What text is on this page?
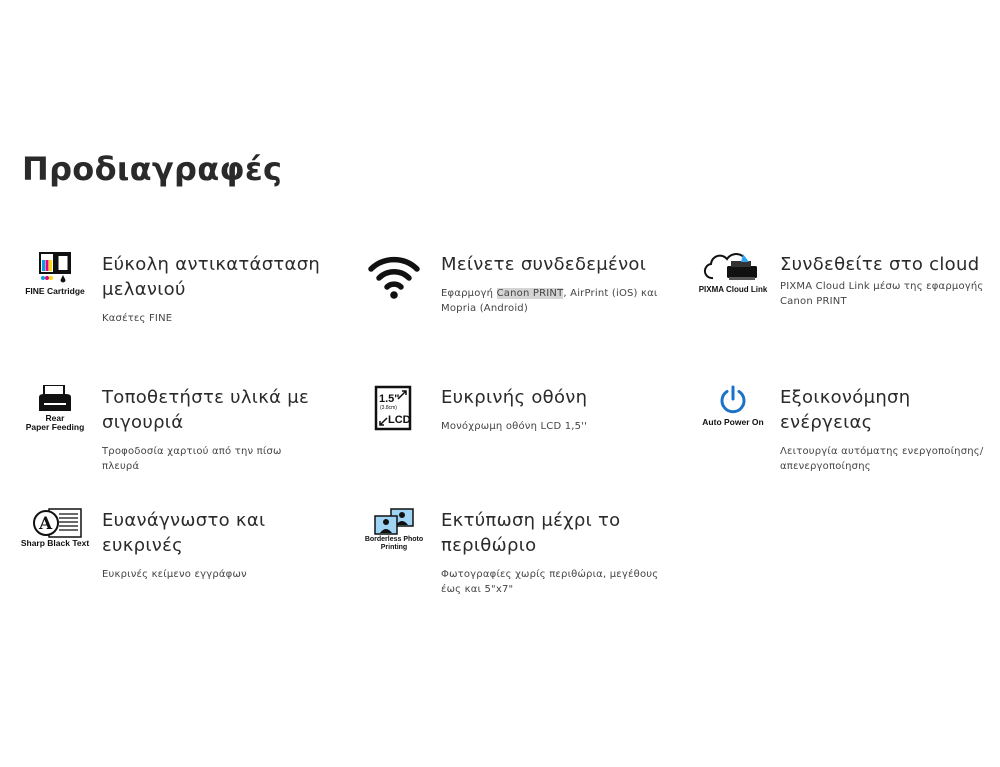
Προδιαγραφές
FINE Cartridge
Εύκολη αντικατάσταση μελανιού

Κασέτες FINE

Μείνετε συνδεδεμένοι

Εφαρμογή Canon PRINT, AirPrint (iOS) και Mopria (Android)

PIXMA Cloud Link
Συνδεθείτε στο cloud

PIXMA Cloud Link μέσω της εφαρμογής Canon PRINT

Rear
Paper Feeding
Τοποθετήστε υλικά με σιγουριά

Τροφοδοσία χαρτιού από την πίσω πλευρά

1.5"
(3.8cm)
LCD
Ευκρινής οθόνη

Μονόχρωμη οθόνη LCD 1,5''	Auto Power On
Εξοικονόμηση ενέργειας

Λειτουργία αυτόματης ενεργοποίησης/ απενεργοποίησης

A
Sharp Black Text
Ευανάγνωστο και ευκρινές

Ευκρινές κείμενο εγγράφων

Borderless Photo
Printing
Εκτύπωση μέχρι το περιθώριο

Φωτογραφίες χωρίς περιθώρια, μεγέθους έως και 5"x7"
